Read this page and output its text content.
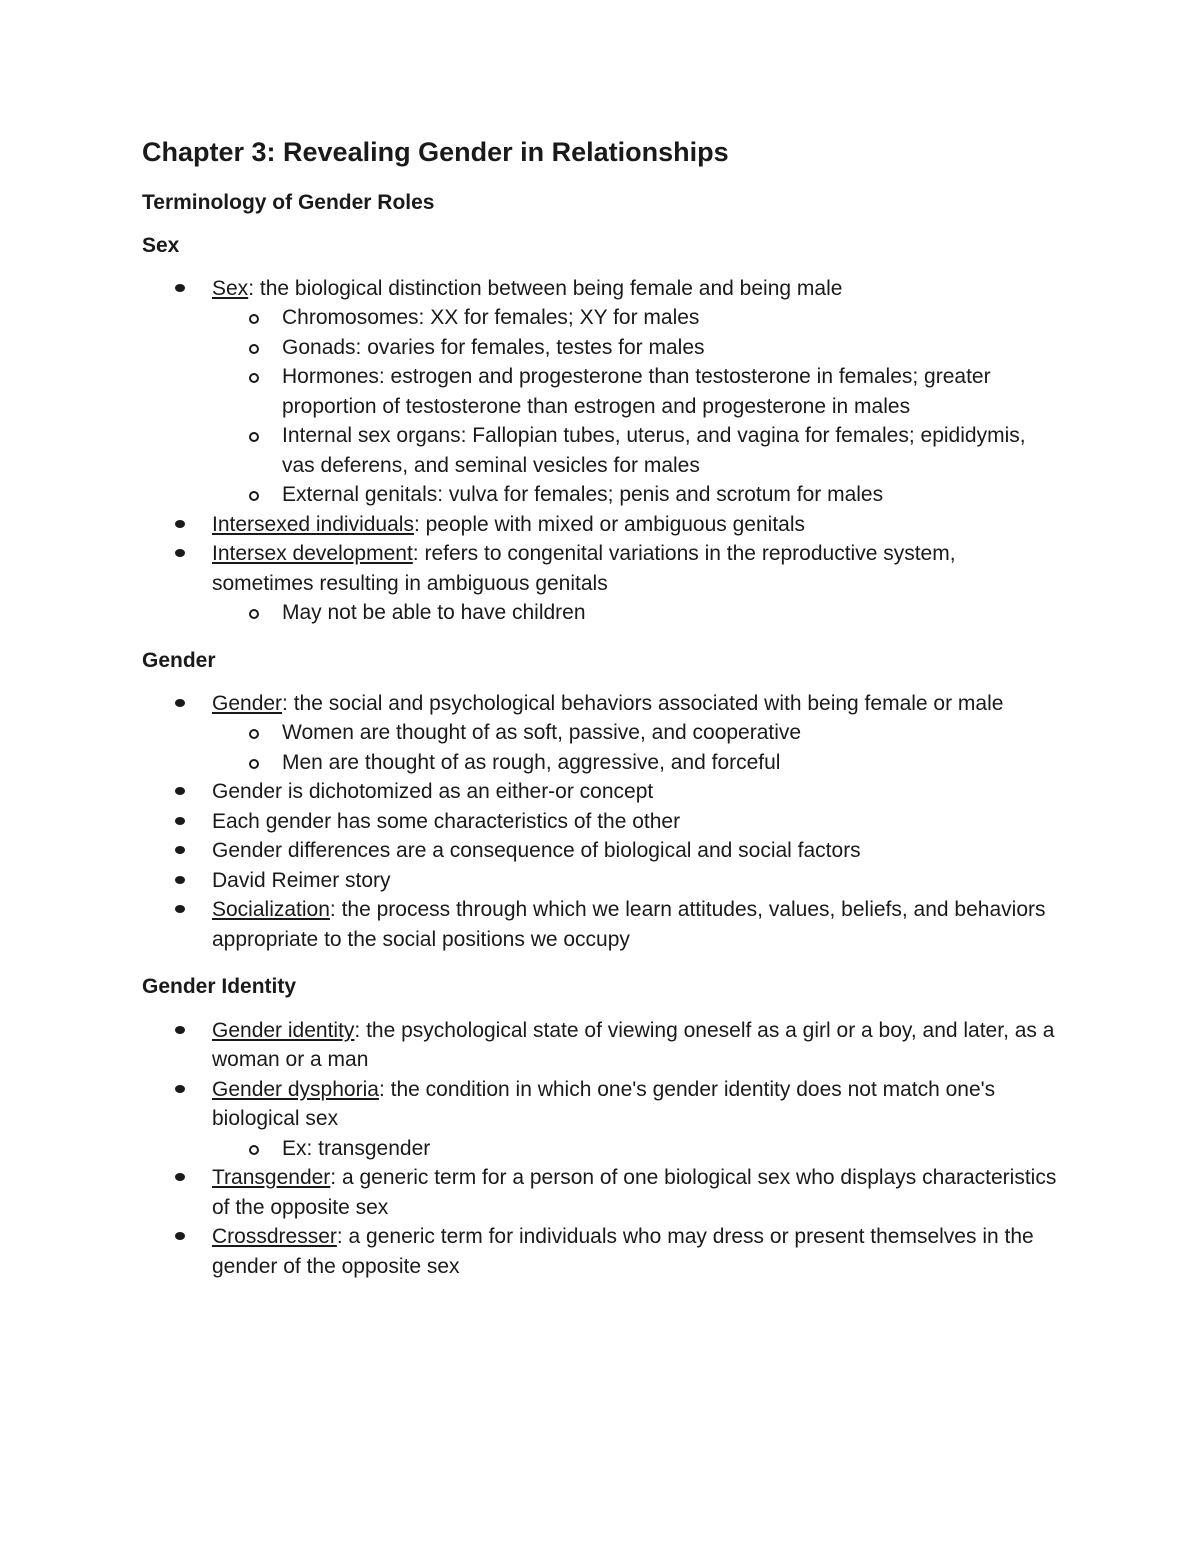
Chapter 3: Revealing Gender in Relationships
Terminology of Gender Roles
Sex
Sex: the biological distinction between being female and being male
Chromosomes: XX for females; XY for males
Gonads: ovaries for females, testes for males
Hormones: estrogen and progesterone than testosterone in females; greater proportion of testosterone than estrogen and progesterone in males
Internal sex organs: Fallopian tubes, uterus, and vagina for females; epididymis, vas deferens, and seminal vesicles for males
External genitals: vulva for females; penis and scrotum for males
Intersexed individuals: people with mixed or ambiguous genitals
Intersex development: refers to congenital variations in the reproductive system, sometimes resulting in ambiguous genitals
May not be able to have children
Gender
Gender: the social and psychological behaviors associated with being female or male
Women are thought of as soft, passive, and cooperative
Men are thought of as rough, aggressive, and forceful
Gender is dichotomized as an either-or concept
Each gender has some characteristics of the other
Gender differences are a consequence of biological and social factors
David Reimer story
Socialization: the process through which we learn attitudes, values, beliefs, and behaviors appropriate to the social positions we occupy
Gender Identity
Gender identity: the psychological state of viewing oneself as a girl or a boy, and later, as a woman or a man
Gender dysphoria: the condition in which one's gender identity does not match one's biological sex
Ex: transgender
Transgender: a generic term for a person of one biological sex who displays characteristics of the opposite sex
Crossdresser: a generic term for individuals who may dress or present themselves in the gender of the opposite sex
